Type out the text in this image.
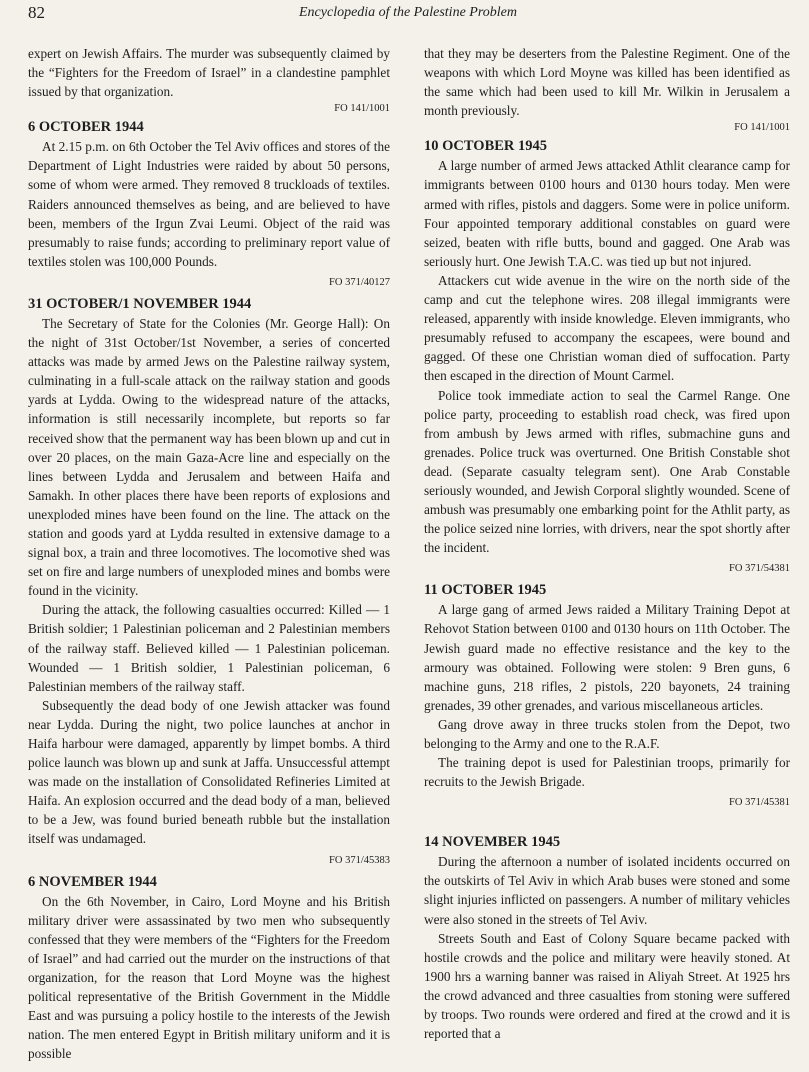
82	Encyclopedia of the Palestine Problem

expert on Jewish Affairs. The murder was subsequently claimed by the “Fighters for the Freedom of Israel” in a clandestine pamphlet issued by that organization.

FO 141/1001
6 OCTOBER 1944

At 2.15 p.m. on 6th October the Tel Aviv offices and stores of the Department of Light Industries were raided by about 50 persons, some of whom were armed. They removed 8 truckloads of textiles. Raiders announced themselves as being, and are believed to have been, members of the Irgun Zvai Leumi. Object of the raid was presumably to raise funds; according to preliminary report value of textiles stolen was 100,000 Pounds.

FO 371/40127
31 OCTOBER/1 NOVEMBER 1944

The Secretary of State for the Colonies (Mr. George Hall): On the night of 31st October/1st November, a series of concerted attacks was made by armed Jews on the Palestine railway system, culminating in a full-scale attack on the railway station and goods yards at Lydda. Owing to the widespread nature of the attacks, information is still necessarily incomplete, but reports so far received show that the permanent way has been blown up and cut in over 20 places, on the main Gaza-Acre line and especially on the lines between Lydda and Jerusalem and between Haifa and Samakh. In other places there have been reports of explosions and unexploded mines have been found on the line. The attack on the station and goods yard at Lydda resulted in extensive damage to a signal box, a train and three locomotives. The locomotive shed was set on fire and large numbers of unexploded mines and bombs were found in the vicinity.

During the attack, the following casualties occurred: Killed — 1 British soldier; 1 Palestinian policeman and 2 Palestinian members of the railway staff. Believed killed — 1 Palestinian policeman. Wounded — 1 British soldier, 1 Palestinian policeman, 6 Palestinian members of the railway staff.

Subsequently the dead body of one Jewish attacker was found near Lydda. During the night, two police launches at anchor in Haifa harbour were damaged, apparently by limpet bombs. A third police launch was blown up and sunk at Jaffa. Unsuccessful attempt was made on the installation of Consolidated Refineries Limited at Haifa. An explosion occurred and the dead body of a man, believed to be a Jew, was found buried beneath rubble but the installation itself was undamaged.

FO 371/45383
6 NOVEMBER 1944

On the 6th November, in Cairo, Lord Moyne and his British military driver were assassinated by two men who subsequently confessed that they were members of the “Fighters for the Freedom of Israel” and had carried out the murder on the instructions of that organization, for the reason that Lord Moyne was the highest political representative of the British Government in the Middle East and was pursuing a policy hostile to the interests of the Jewish nation. The men entered Egypt in British military uniform and it is possible

that they may be deserters from the Palestine Regiment. One of the weapons with which Lord Moyne was killed has been identified as the same which had been used to kill Mr. Wilkin in Jerusalem a month previously.

FO 141/1001
10 OCTOBER 1945

A large number of armed Jews attacked Athlit clearance camp for immigrants between 0100 hours and 0130 hours today. Men were armed with rifles, pistols and daggers. Some were in police uniform. Four appointed temporary additional constables on guard were seized, beaten with rifle butts, bound and gagged. One Arab was seriously hurt. One Jewish T.A.C. was tied up but not injured.

Attackers cut wide avenue in the wire on the north side of the camp and cut the telephone wires. 208 illegal immigrants were released, apparently with inside knowledge. Eleven immigrants, who presumably refused to accompany the escapees, were bound and gagged. Of these one Christian woman died of suffocation. Party then escaped in the direction of Mount Carmel.

Police took immediate action to seal the Carmel Range. One police party, proceeding to establish road check, was fired upon from ambush by Jews armed with rifles, submachine guns and grenades. Police truck was overturned. One British Constable shot dead. (Separate casualty telegram sent). One Arab Constable seriously wounded, and Jewish Corporal slightly wounded. Scene of ambush was presumably one embarking point for the Athlit party, as the police seized nine lorries, with drivers, near the spot shortly after the incident.

FO 371/54381
11 OCTOBER 1945

A large gang of armed Jews raided a Military Training Depot at Rehovot Station between 0100 and 0130 hours on 11th October. The Jewish guard made no effective resistance and the key to the armoury was obtained. Following were stolen: 9 Bren guns, 6 machine guns, 218 rifles, 2 pistols, 220 bayonets, 24 training grenades, 39 other grenades, and various miscellaneous articles.

Gang drove away in three trucks stolen from the Depot, two belonging to the Army and one to the R.A.F.

The training depot is used for Palestinian troops, primarily for recruits to the Jewish Brigade.

FO 371/45381
14 NOVEMBER 1945

During the afternoon a number of isolated incidents occurred on the outskirts of Tel Aviv in which Arab buses were stoned and some slight injuries inflicted on passengers. A number of military vehicles were also stoned in the streets of Tel Aviv.

Streets South and East of Colony Square became packed with hostile crowds and the police and military were heavily stoned. At 1900 hrs a warning banner was raised in Aliyah Street. At 1925 hrs the crowd advanced and three casualties from stoning were suffered by troops. Two rounds were ordered and fired at the crowd and it is reported that a
